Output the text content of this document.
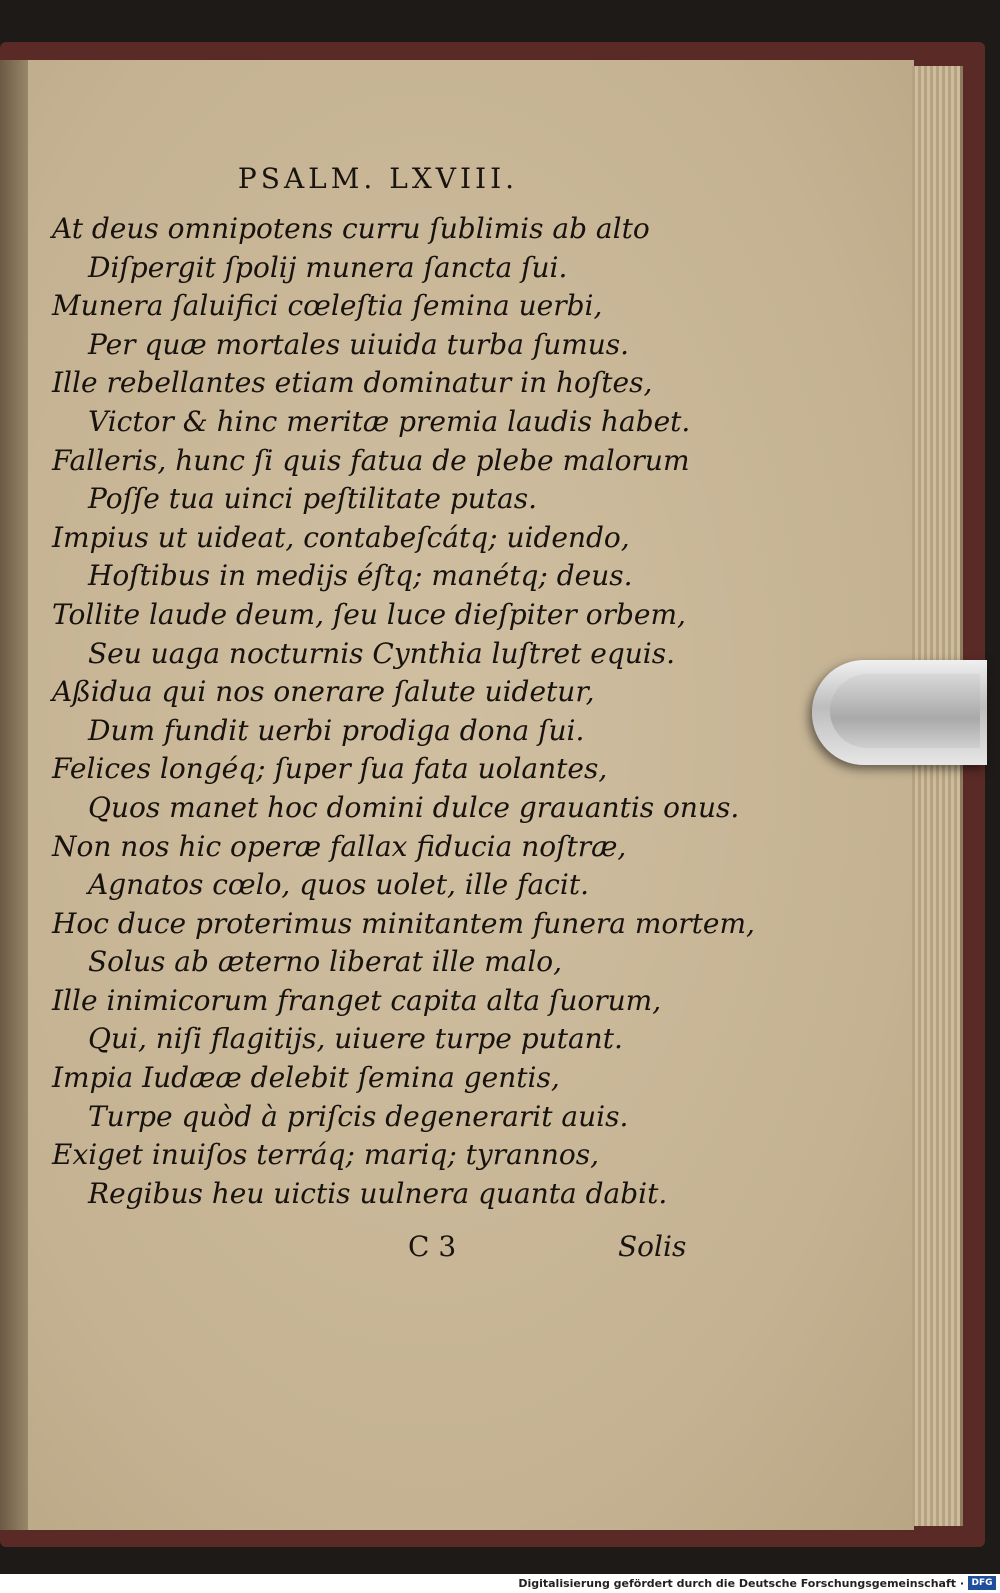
PSALM. LXVIII.
At deus omnipotens curru ſublimis ab alto
Diſpergit ſpolij munera ſancta ſui.
Munera ſaluifici cœleſtia ſemina uerbi,
Per quæ mortales uiuida turba ſumus.
Ille rebellantes etiam dominatur in hoſtes,
Victor & hinc meritæ premia laudis habet.
Falleris, hunc ſi quis fatua de plebe malorum
Poſſe tua uinci peſtilitate putas.
Impius ut uideat, contabeſcátq; uidendo,
Hoſtibus in medijs éſtq; manétq; deus.
Tollite laude deum, ſeu luce dieſpiter orbem,
Seu uaga nocturnis Cynthia luſtret equis.
Aßidua qui nos onerare ſalute uidetur,
Dum fundit uerbi prodiga dona ſui.
Felices longéq; ſuper ſua fata uolantes,
Quos manet hoc domini dulce grauantis onus.
Non nos hic operæ fallax fiducia noſtræ,
Agnatos cœlo, quos uolet, ille facit.
Hoc duce proterimus minitantem funera mortem,
Solus ab æterno liberat ille malo,
Ille inimicorum franget capita alta ſuorum,
Qui, niſi flagitijs, uiuere turpe putant.
Impia Iudææ delebit ſemina gentis,
Turpe quòd à priſcis degenerarit auis.
Exiget inuiſos terráq; mariq; tyrannos,
Regibus heu uictis uulnera quanta dabit.
C 3	Solis
Digitalisierung gefördert durch die Deutsche Forschungsgemeinschaft · DFG
